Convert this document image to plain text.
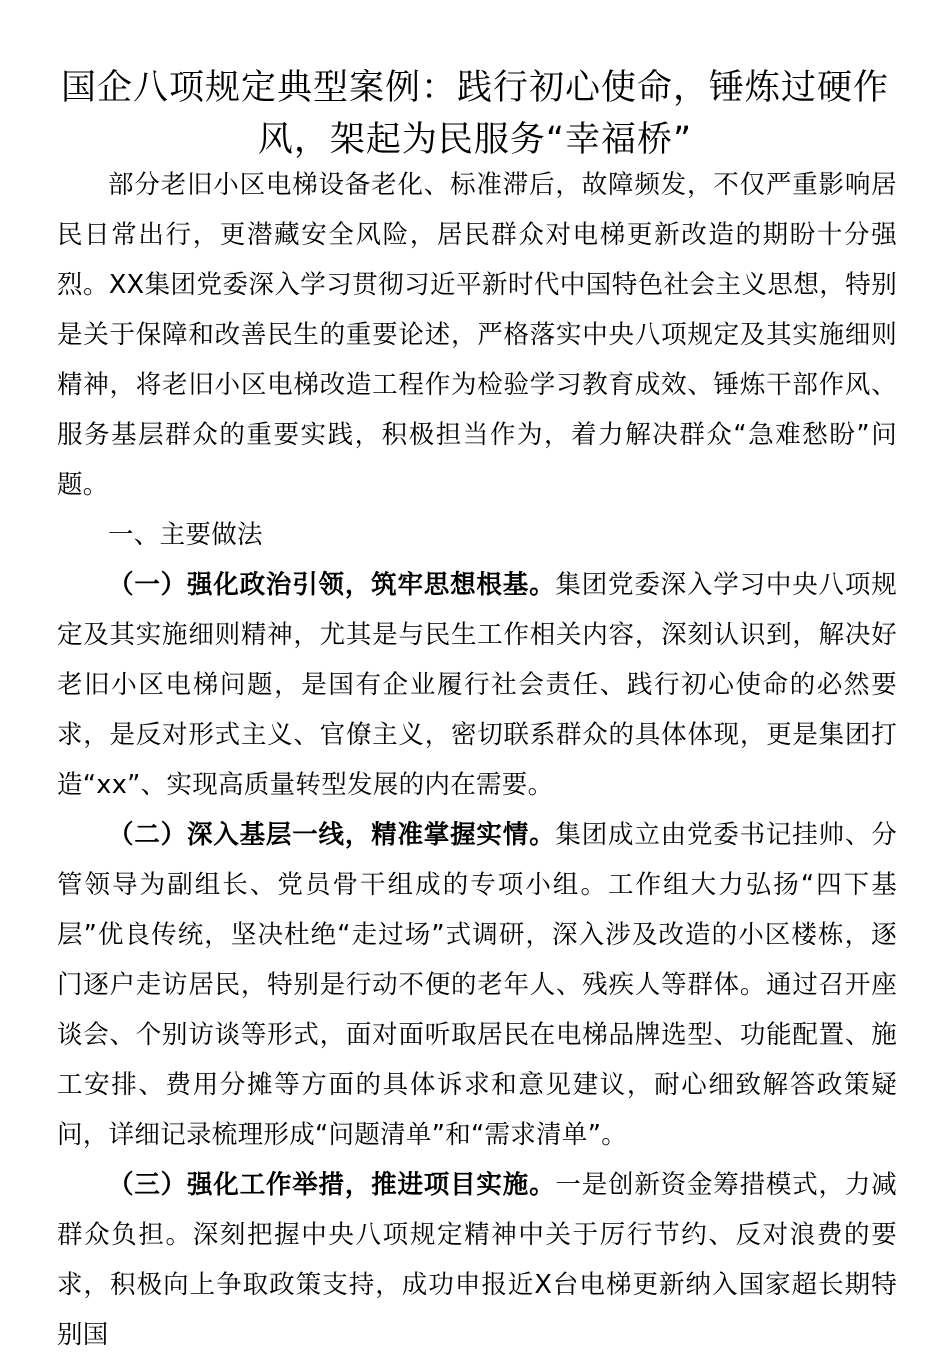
国企八项规定典型案例：践行初心使命，锤炼过硬作风，架起为民服务“幸福桥”

部分老旧小区电梯设备老化、标准滞后，故障频发，不仅严重影响居民日常出行，更潜藏安全风险，居民群众对电梯更新改造的期盼十分强烈。XX集团党委深入学习贯彻习近平新时代中国特色社会主义思想，特别是关于保障和改善民生的重要论述，严格落实中央八项规定及其实施细则精神，将老旧小区电梯改造工程作为检验学习教育成效、锤炼干部作风、服务基层群众的重要实践，积极担当作为，着力解决群众“急难愁盼”问题。

一、主要做法

（一）强化政治引领，筑牢思想根基。集团党委深入学习中央八项规定及其实施细则精神，尤其是与民生工作相关内容，深刻认识到，解决好老旧小区电梯问题，是国有企业履行社会责任、践行初心使命的必然要求，是反对形式主义、官僚主义，密切联系群众的具体体现，更是集团打造“xx”、实现高质量转型发展的内在需要。

（二）深入基层一线，精准掌握实情。集团成立由党委书记挂帅、分管领导为副组长、党员骨干组成的专项小组。工作组大力弘扬“四下基层”优良传统，坚决杜绝“走过场”式调研，深入涉及改造的小区楼栋，逐门逐户走访居民，特别是行动不便的老年人、残疾人等群体。通过召开座谈会、个别访谈等形式，面对面听取居民在电梯品牌选型、功能配置、施工安排、费用分摊等方面的具体诉求和意见建议，耐心细致解答政策疑问，详细记录梳理形成“问题清单”和“需求清单”。

（三）强化工作举措，推进项目实施。一是创新资金筹措模式，力减群众负担。深刻把握中央八项规定精神中关于厉行节约、反对浪费的要求，积极向上争取政策支持，成功申报近X台电梯更新纳入国家超长期特别国
